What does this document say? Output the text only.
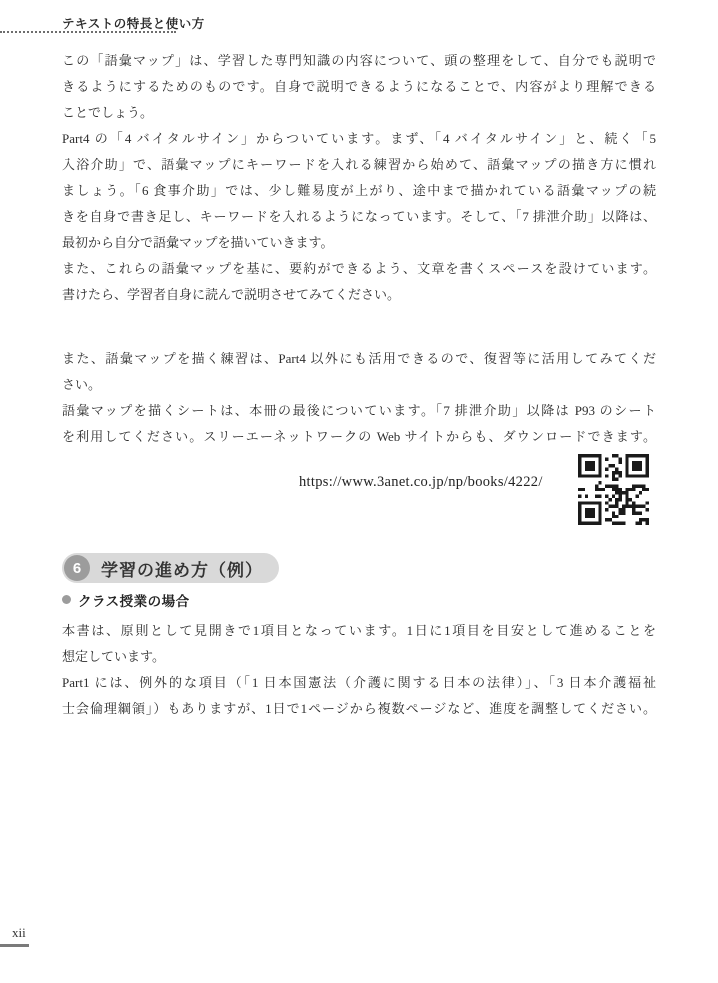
テキストの特長と使い方
この「語彙マップ」は、学習した専門知識の内容について、頭の整理をして、自分でも説明で
きるようにするためのものです。自身で説明できるようになることで、内容がより理解できる
ことでしょう。
Part4 の「4 バイタルサイン」からついています。まず、「4 バイタルサイン」と、続く「5
入浴介助」で、語彙マップにキーワードを入れる練習から始めて、語彙マップの描き方に慣れ
ましょう。「6 食事介助」では、少し難易度が上がり、途中まで描かれている語彙マップの続
きを自身で書き足し、キーワードを入れるようになっています。そして、「7 排泄介助」以降は、
最初から自分で語彙マップを描いていきます。
また、これらの語彙マップを基に、要約ができるよう、文章を書くスペースを設けています。
書けたら、学習者自身に読んで説明させてみてください。
また、語彙マップを描く練習は、Part4 以外にも活用できるので、復習等に活用してみてくだ
さい。
語彙マップを描くシートは、本冊の最後についています。「7 排泄介助」以降は P93 のシート
を利用してください。スリーエーネットワークの Web サイトからも、ダウンロードできます。
本書は、原則として見開きで1項目となっています。1日に1項目を目安として進めることを
想定しています。
Part1 には、例外的な項目（「1 日本国憲法（介護に関する日本の法律）」、「3 日本介護福祉
士会倫理綱領」）もありますが、1日で1ページから複数ページなど、進度を調整してください。
https://www.3anet.co.jp/np/books/4222/
6	学習の進め方（例）
クラス授業の場合
xii
